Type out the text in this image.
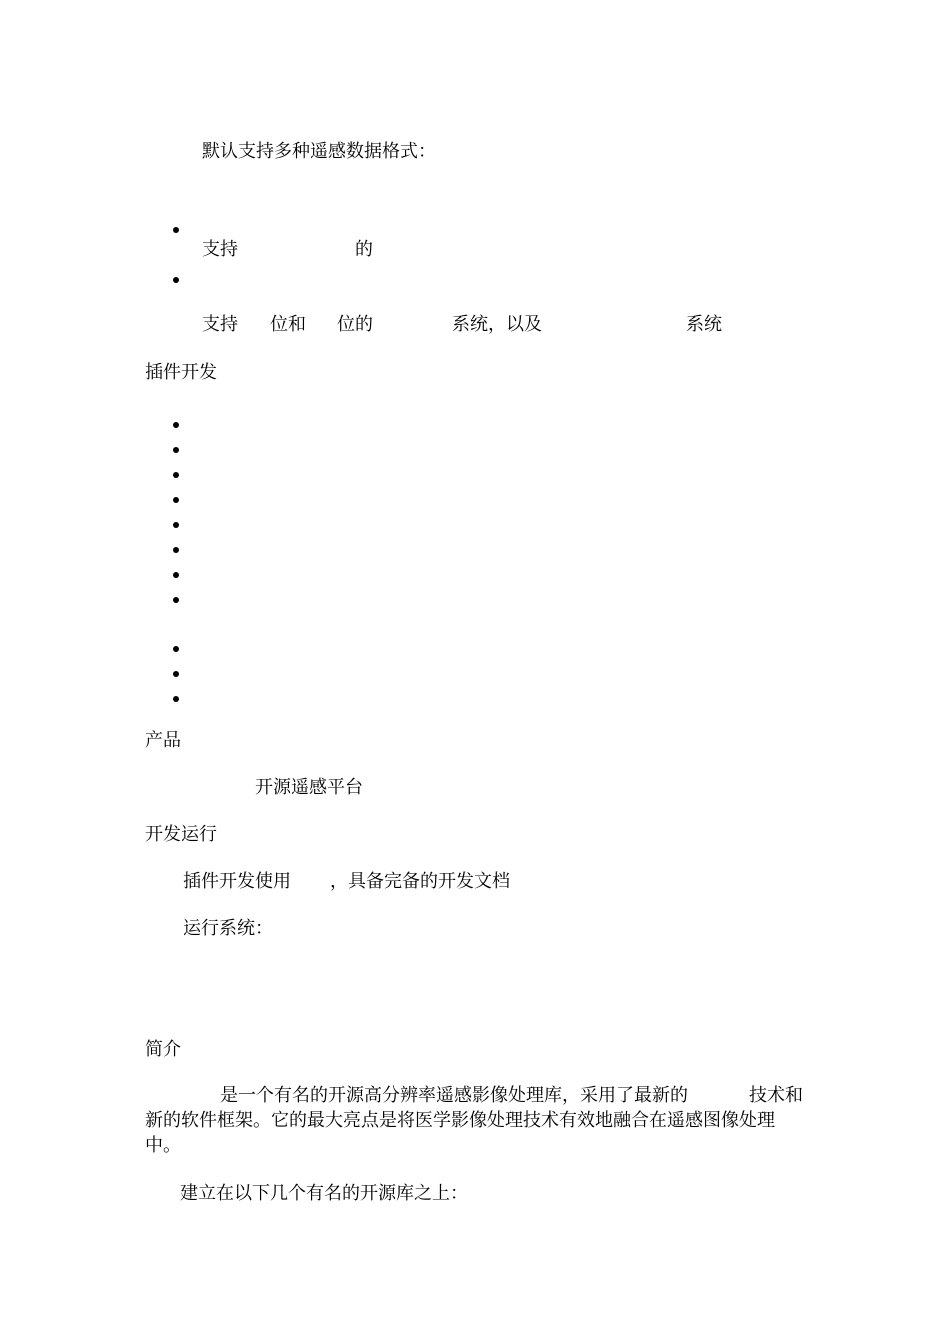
默认支持多种遥感数据格式：
支持	的
支持 位和 位的	系统，以及	系统
插件开发
产品
开源遥感平台
开发运行
插件开发使用 ，具备完备的开发文档
运行系统：
简介
是一个有名的开源高分辨率遥感影像处理库，采用了最新的	技术和
新的软件框架。它的最大亮点是将医学影像处理技术有效地融合在遥感图像处理
中。
建立在以下几个有名的开源库之上：
